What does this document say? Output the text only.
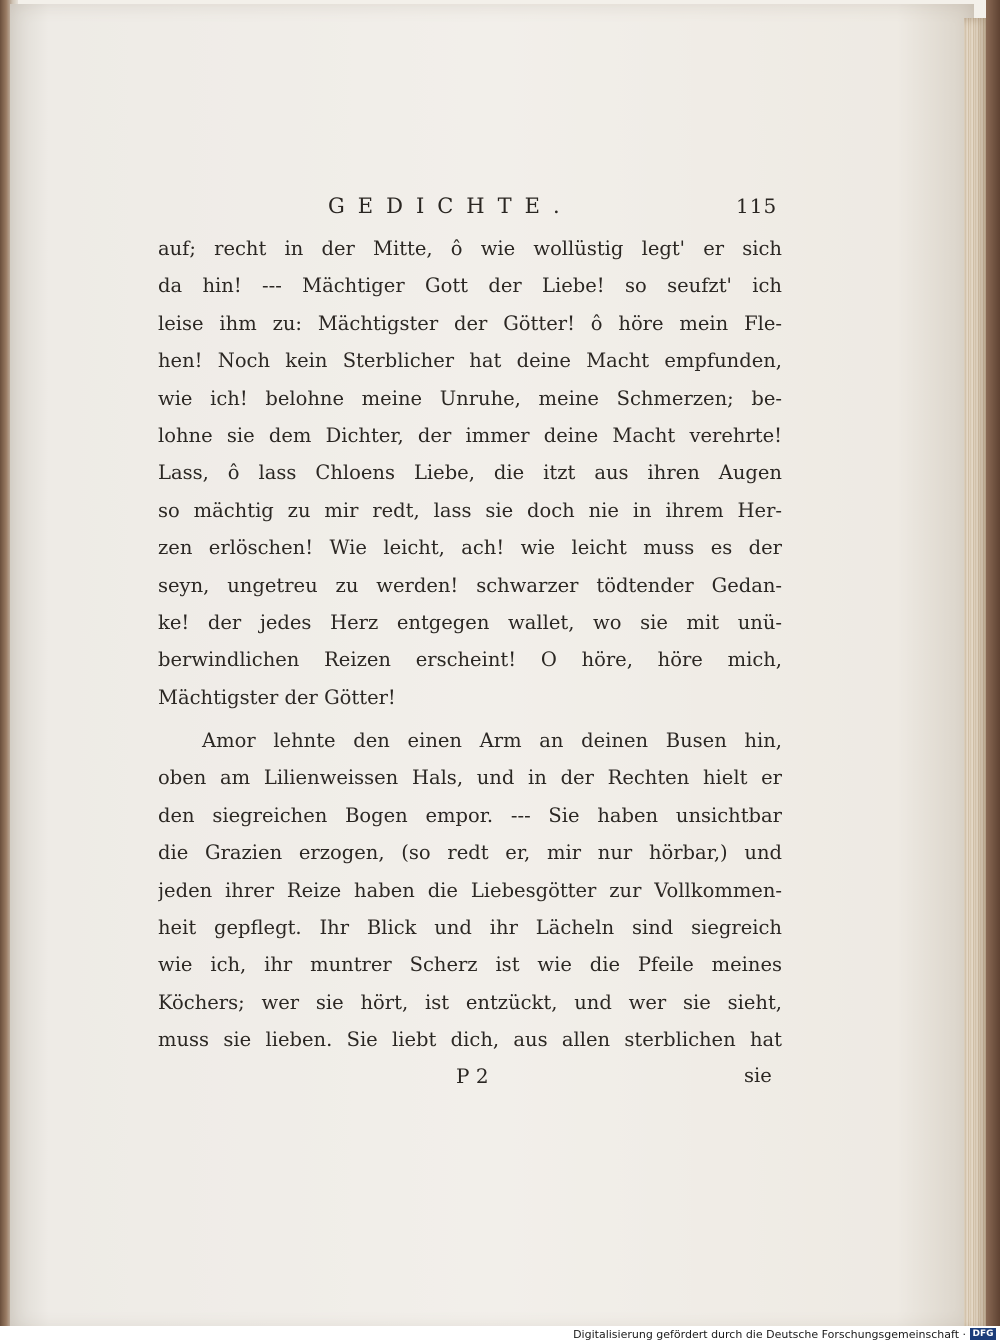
GEDICHTE.	115
auf; recht in der Mitte, ô wie wollüstig legt' er sich
da hin! --- Mächtiger Gott der Liebe! so seufzt' ich
leise ihm zu: Mächtigster der Götter! ô höre mein Fle-
hen! Noch kein Sterblicher hat deine Macht empfunden,
wie ich! belohne meine Unruhe, meine Schmerzen; be-
lohne sie dem Dichter, der immer deine Macht verehrte!
Lass, ô lass Chloens Liebe, die itzt aus ihren Augen
so mächtig zu mir redt, lass sie doch nie in ihrem Her-
zen erlöschen! Wie leicht, ach! wie leicht muss es der
seyn, ungetreu zu werden! schwarzer tödtender Gedan-
ke! der jedes Herz entgegen wallet, wo sie mit unü-
berwindlichen Reizen erscheint! O höre, höre mich,
Mächtigster der Götter!
Amor lehnte den einen Arm an deinen Busen hin,
oben am Lilienweissen Hals, und in der Rechten hielt er
den siegreichen Bogen empor. --- Sie haben unsichtbar
die Grazien erzogen, (so redt er, mir nur hörbar,) und
jeden ihrer Reize haben die Liebesgötter zur Vollkommen-
heit gepflegt. Ihr Blick und ihr Lächeln sind siegreich
wie ich, ihr muntrer Scherz ist wie die Pfeile meines
Köchers; wer sie hört, ist entzückt, und wer sie sieht,
muss sie lieben. Sie liebt dich, aus allen sterblichen hat
P 2	sie
Digitalisierung gefördert durch die Deutsche Forschungsgemeinschaft · DFG
